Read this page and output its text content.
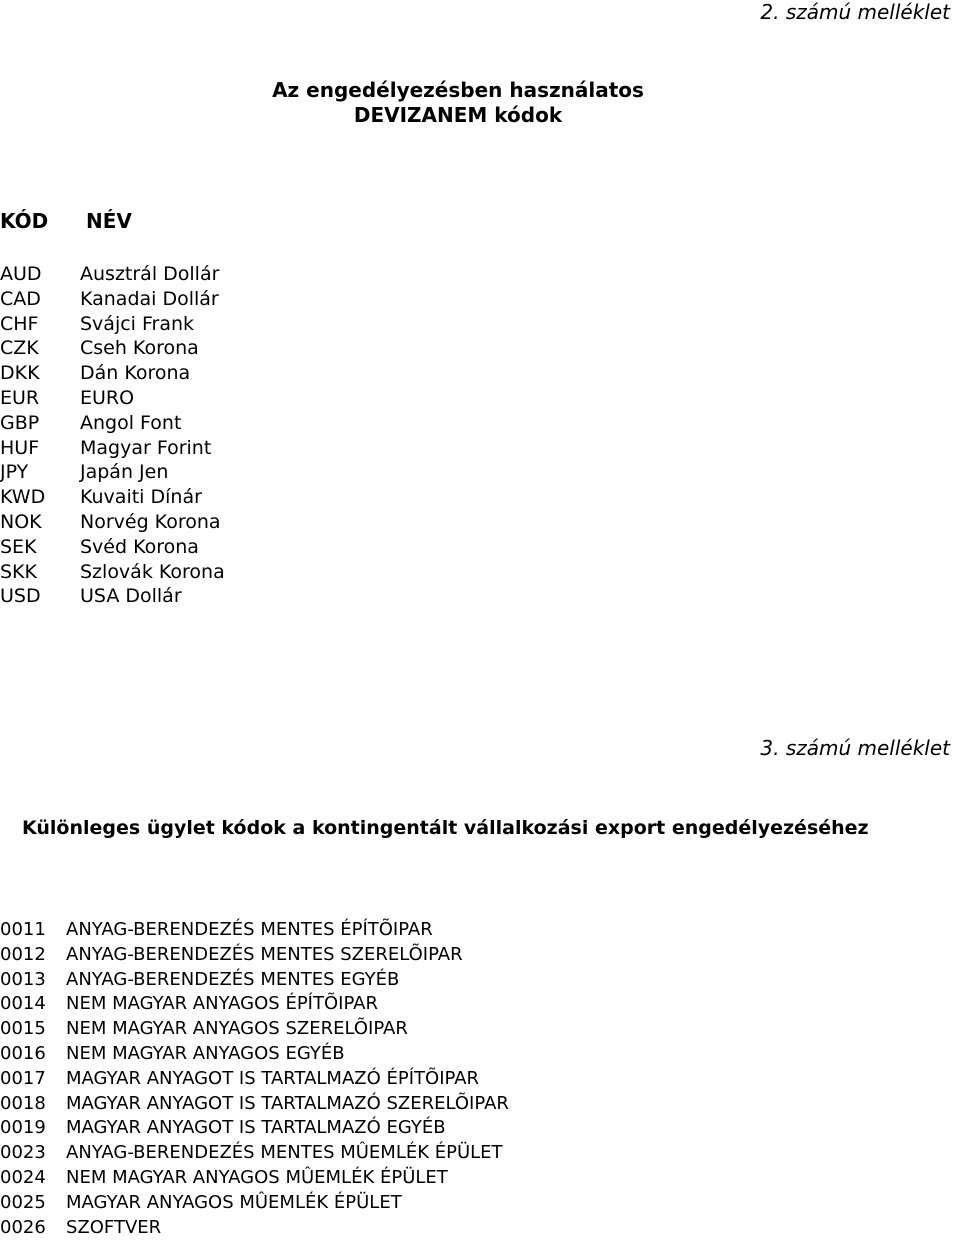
2. számú melléklet
Az engedélyezésben használatos
DEVIZANEM kódok
KÓD NÉV
AUD Ausztrál Dollár
CAD Kanadai Dollár
CHF Svájci Frank
CZK Cseh Korona
DKK Dán Korona
EUR EURO
GBP Angol Font
HUF Magyar Forint
JPY	Japán Jen
KWD Kuvaiti Dínár
NOK Norvég Korona
SEK Svéd Korona
SKK Szlovák Korona
USD USA Dollár
3. számú melléklet
Különleges ügylet kódok a kontingentált vállalkozási export engedélyezéséhez
0011 ANYAG-BERENDEZÉS MENTES ÉPÍTÕIPAR
0012 ANYAG-BERENDEZÉS MENTES SZERELÕIPAR
0013 ANYAG-BERENDEZÉS MENTES EGYÉB
0014 NEM MAGYAR ANYAGOS ÉPÍTÕIPAR
0015 NEM MAGYAR ANYAGOS SZERELÕIPAR
0016 NEM MAGYAR ANYAGOS EGYÉB
0017 MAGYAR ANYAGOT IS TARTALMAZÓ ÉPÍTÕIPAR
0018 MAGYAR ANYAGOT IS TARTALMAZÓ SZERELÕIPAR
0019 MAGYAR ANYAGOT IS TARTALMAZÓ EGYÉB
0023 ANYAG-BERENDEZÉS MENTES MÛEMLÉK ÉPÜLET
0024 NEM MAGYAR ANYAGOS MÛEMLÉK ÉPÜLET
0025 MAGYAR ANYAGOS MÛEMLÉK ÉPÜLET
0026 SZOFTVER
